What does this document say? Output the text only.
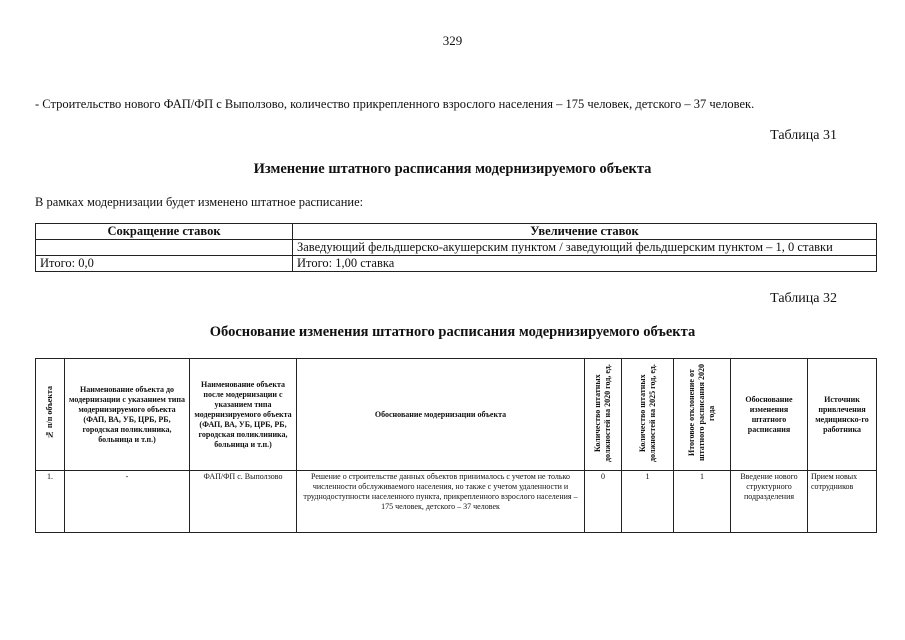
329
- Строительство нового ФАП/ФП с Выползово, количество прикрепленного взрослого населения – 175 человек, детского – 37 человек.
Таблица 31
Изменение штатного расписания модернизируемого объекта
В рамках модернизации будет изменено штатное расписание:
Сокращение ставок	Увеличение ставок
	Заведующий фельдшерско-акушерским пунктом / заведующий фельдшерским пунктом – 1, 0 ставки
Итого: 0,0	Итого: 1,00 ставка
Таблица 32
Обоснование изменения штатного расписания модернизируемого объекта
№ п/п объекта	Наименование объекта до модернизации с указанием типа модернизируемого объекта (ФАП, ВА, УБ, ЦРБ, РБ, городская поликлиника, больница и т.п.)	Наименование объекта после модернизации с указанием типа модернизируемого объекта (ФАП, ВА, УБ, ЦРБ, РБ, городская поликлиника, больница и т.п.)	Обоснование модернизации объекта	Количество штатных должностей на 2020 год, ед.	Количество штатных должностей на 2025 год, ед.	Итоговое отклонение от штатного расписания 2020 года	Обоснование изменения штатного расписания	Источник привлечения медицинско-го работника
1.	-	ФАП/ФП с. Выползово	Решение о строительстве данных объектов принималось с учетом не только численности обслуживаемого населения, но также с учетом удаленности и труднодоступности населенного пункта, прикрепленного взрослого населения – 175 человек, детского – 37 человек	0	1	1	Введение нового структурного подразделения	Прием новых сотрудников
